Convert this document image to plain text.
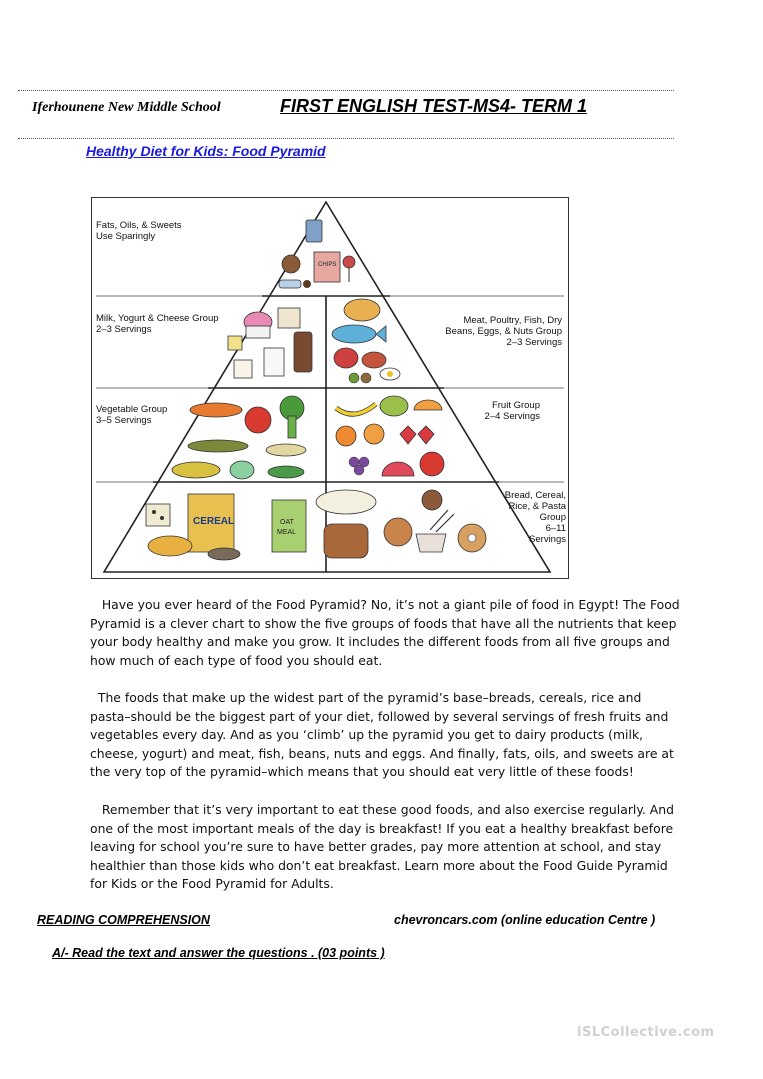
Iferhounene New Middle School	FIRST ENGLISH TEST-MS4- TERM 1
Healthy Diet for Kids: Food Pyramid
CHIPS
CEREAL	OAT
MEAL
Fats, Oils, & Sweets
Use Sparingly
Milk, Yogurt & Cheese Group
2–3 Servings
Meat, Poultry, Fish, Dry
Beans, Eggs, & Nuts Group
2–3 Servings
Vegetable Group
3–5 Servings
Fruit Group
2–4 Servings
Bread, Cereal,
Rice, & Pasta
Group
6–11
Servings

Have you ever heard of the Food Pyramid? No, it’s not a giant pile of food in Egypt! The Food Pyramid is a clever chart to show the five groups of foods that have all the nutrients that keep your body healthy and make you grow. It includes the different foods from all five groups and how much of each type of food you should eat.

The foods that make up the widest part of the pyramid’s base–breads, cereals, rice and pasta–should be the biggest part of your diet, followed by several servings of fresh fruits and vegetables every day. And as you ‘climb’ up the pyramid you get to dairy products (milk, cheese, yogurt) and meat, fish, beans, nuts and eggs. And finally, fats, oils, and sweets are at the very top of the pyramid–which means that you should eat very little of these foods!

Remember that it’s very important to eat these good foods, and also exercise regularly. And one of the most important meals of the day is breakfast! If you eat a healthy breakfast before leaving for school you’re sure to have better grades, pay more attention at school, and stay healthier than those kids who don’t eat breakfast. Learn more about the Food Guide Pyramid for Kids or the Food Pyramid for Adults.

READING COMPREHENSION	chevroncars.com (online education Centre )
A/- Read the text and answer the questions . (03 points )
iSLCollective.com
